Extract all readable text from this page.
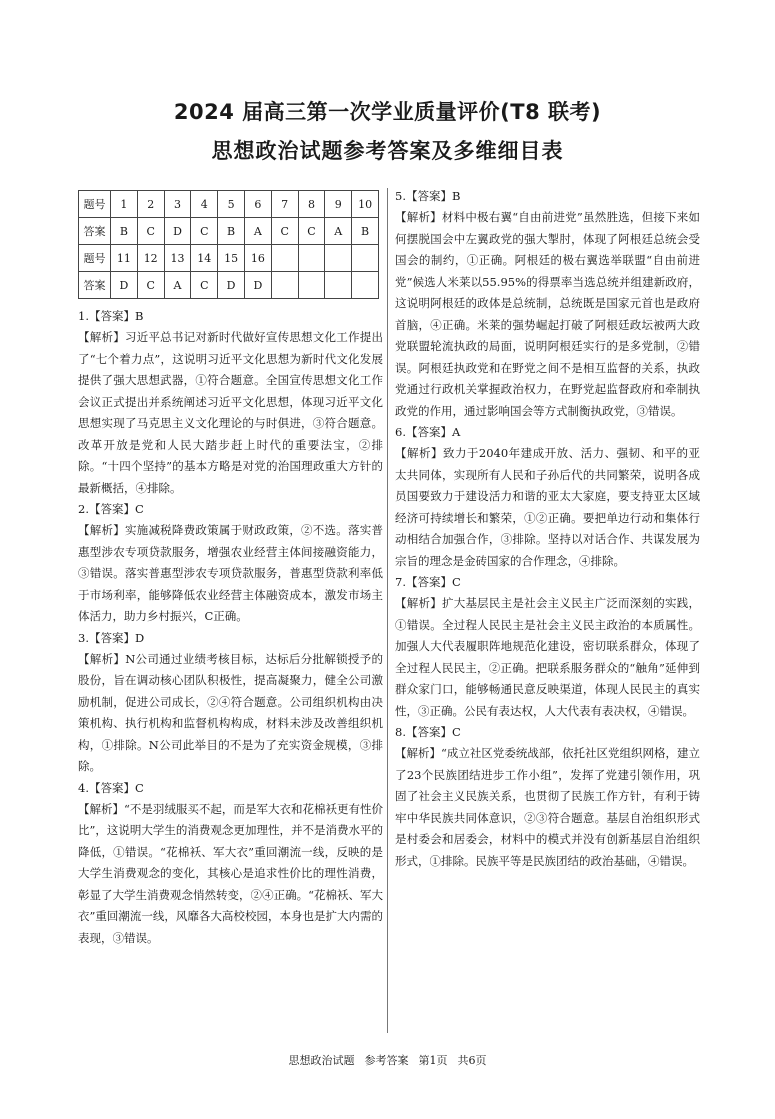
2024 届高三第一次学业质量评价(T8 联考)
思想政治试题参考答案及多维细目表
题号	1	2	3	4	5	6	7	8	9	10
答案	B	C	D	C	B	A	C	C	A	B
题号	11	12	13	14	15	16				
答案	D	C	A	C	D	D				
1.【答案】B

【解析】习近平总书记对新时代做好宣传思想文化工作提出了“七个着力点”，这说明习近平文化思想为新时代文化发展提供了强大思想武器，①符合题意。全国宣传思想文化工作会议正式提出并系统阐述习近平文化思想，体现习近平文化思想实现了马克思主义文化理论的与时俱进，③符合题意。改革开放是党和人民大踏步赶上时代的重要法宝，②排除。“十四个坚持”的基本方略是对党的治国理政重大方针的最新概括，④排除。

2.【答案】C

【解析】实施减税降费政策属于财政政策，②不选。落实普惠型涉农专项贷款服务，增强农业经营主体间接融资能力，③错误。落实普惠型涉农专项贷款服务，普惠型贷款利率低于市场利率，能够降低农业经营主体融资成本，激发市场主体活力，助力乡村振兴，C正确。

3.【答案】D

【解析】N公司通过业绩考核目标，达标后分批解锁授予的股份，旨在调动核心团队积极性，提高凝聚力，健全公司激励机制，促进公司成长，②④符合题意。公司组织机构由决策机构、执行机构和监督机构构成，材料未涉及改善组织机构，①排除。N公司此举目的不是为了充实资金规模，③排除。

4.【答案】C

【解析】“不是羽绒服买不起，而是军大衣和花棉袄更有性价比”，这说明大学生的消费观念更加理性，并不是消费水平的降低，①错误。“花棉袄、军大衣”重回潮流一线，反映的是大学生消费观念的变化，其核心是追求性价比的理性消费，彰显了大学生消费观念悄然转变，②④正确。“花棉袄、军大衣”重回潮流一线，风靡各大高校校园，本身也是扩大内需的表现，③错误。

5.【答案】B

【解析】材料中极右翼“自由前进党”虽然胜选，但接下来如何摆脱国会中左翼政党的强大掣肘，体现了阿根廷总统会受国会的制约，①正确。阿根廷的极右翼选举联盟“自由前进党”候选人米莱以55.95%的得票率当选总统并组建新政府，这说明阿根廷的政体是总统制，总统既是国家元首也是政府首脑，④正确。米莱的强势崛起打破了阿根廷政坛被两大政党联盟轮流执政的局面，说明阿根廷实行的是多党制，②错误。阿根廷执政党和在野党之间不是相互监督的关系，执政党通过行政机关掌握政治权力，在野党起监督政府和牵制执政党的作用，通过影响国会等方式制衡执政党，③错误。

6.【答案】A

【解析】致力于2040年建成开放、活力、强韧、和平的亚太共同体，实现所有人民和子孙后代的共同繁荣，说明各成员国要致力于建设活力和谐的亚太大家庭，要支持亚太区域经济可持续增长和繁荣，①②正确。要把单边行动和集体行动相结合加强合作，③排除。坚持以对话合作、共谋发展为宗旨的理念是金砖国家的合作理念，④排除。

7.【答案】C

【解析】扩大基层民主是社会主义民主广泛而深刻的实践，①错误。全过程人民民主是社会主义民主政治的本质属性。加强人大代表履职阵地规范化建设，密切联系群众，体现了全过程人民民主，②正确。把联系服务群众的“触角”延伸到群众家门口，能够畅通民意反映渠道，体现人民民主的真实性，③正确。公民有表达权，人大代表有表决权，④错误。

8.【答案】C

【解析】“成立社区党委统战部，依托社区党组织网格，建立了23个民族团结进步工作小组”，发挥了党建引领作用，巩固了社会主义民族关系，也贯彻了民族工作方针，有利于铸牢中华民族共同体意识，②③符合题意。基层自治组织形式是村委会和居委会，材料中的模式并没有创新基层自治组织形式，①排除。民族平等是民族团结的政治基础，④错误。

思想政治试题 参考答案 第1页 共6页
